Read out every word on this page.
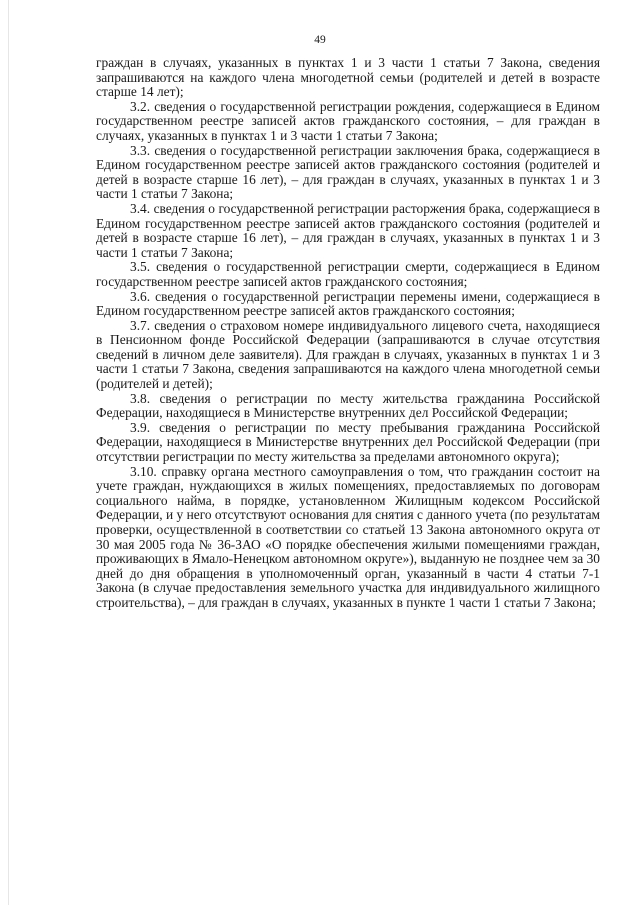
49

граждан в случаях, указанных в пунктах 1 и 3 части 1 статьи 7 Закона, сведения запрашиваются на каждого члена многодетной семьи (родителей и детей в возрасте старше 14 лет);

3.2. сведения о государственной регистрации рождения, содержащиеся в Едином государственном реестре записей актов гражданского состояния, – для граждан в случаях, указанных в пунктах 1 и 3 части 1 статьи 7 Закона;

3.3. сведения о государственной регистрации заключения брака, содержащиеся в Едином государственном реестре записей актов гражданского состояния (родителей и детей в возрасте старше 16 лет), – для граждан в случаях, указанных в пунктах 1 и 3 части 1 статьи 7 Закона;

3.4. сведения о государственной регистрации расторжения брака, содержащиеся в Едином государственном реестре записей актов гражданского состояния (родителей и детей в возрасте старше 16 лет), – для граждан в случаях, указанных в пунктах 1 и 3 части 1 статьи 7 Закона;

3.5. сведения о государственной регистрации смерти, содержащиеся в Едином государственном реестре записей актов гражданского состояния;

3.6. сведения о государственной регистрации перемены имени, содержащиеся в Едином государственном реестре записей актов гражданского состояния;

3.7. сведения о страховом номере индивидуального лицевого счета, находящиеся в Пенсионном фонде Российской Федерации (запрашиваются в случае отсутствия сведений в личном деле заявителя). Для граждан в случаях, указанных в пунктах 1 и 3 части 1 статьи 7 Закона, сведения запрашиваются на каждого члена многодетной семьи (родителей и детей);

3.8. сведения о регистрации по месту жительства гражданина Российской Федерации, находящиеся в Министерстве внутренних дел Российской Федерации;

3.9. сведения о регистрации по месту пребывания гражданина Российской Федерации, находящиеся в Министерстве внутренних дел Российской Федерации (при отсутствии регистрации по месту жительства за пределами автономного округа);

3.10. справку органа местного самоуправления о том, что гражданин состоит на учете граждан, нуждающихся в жилых помещениях, предоставляемых по договорам социального найма, в порядке, установленном Жилищным кодексом Российской Федерации, и у него отсутствуют основания для снятия с данного учета (по результатам проверки, осуществленной в соответствии со статьей 13 Закона автономного округа от 30 мая 2005 года № 36-ЗАО «О порядке обеспечения жилыми помещениями граждан, проживающих в Ямало-Ненецком автономном округе»), выданную не позднее чем за 30 дней до дня обращения в уполномоченный орган, указанный в части 4 статьи 7-1 Закона (в случае предоставления земельного участка для индивидуального жилищного строительства), – для граждан в случаях, указанных в пункте 1 части 1 статьи 7 Закона;
